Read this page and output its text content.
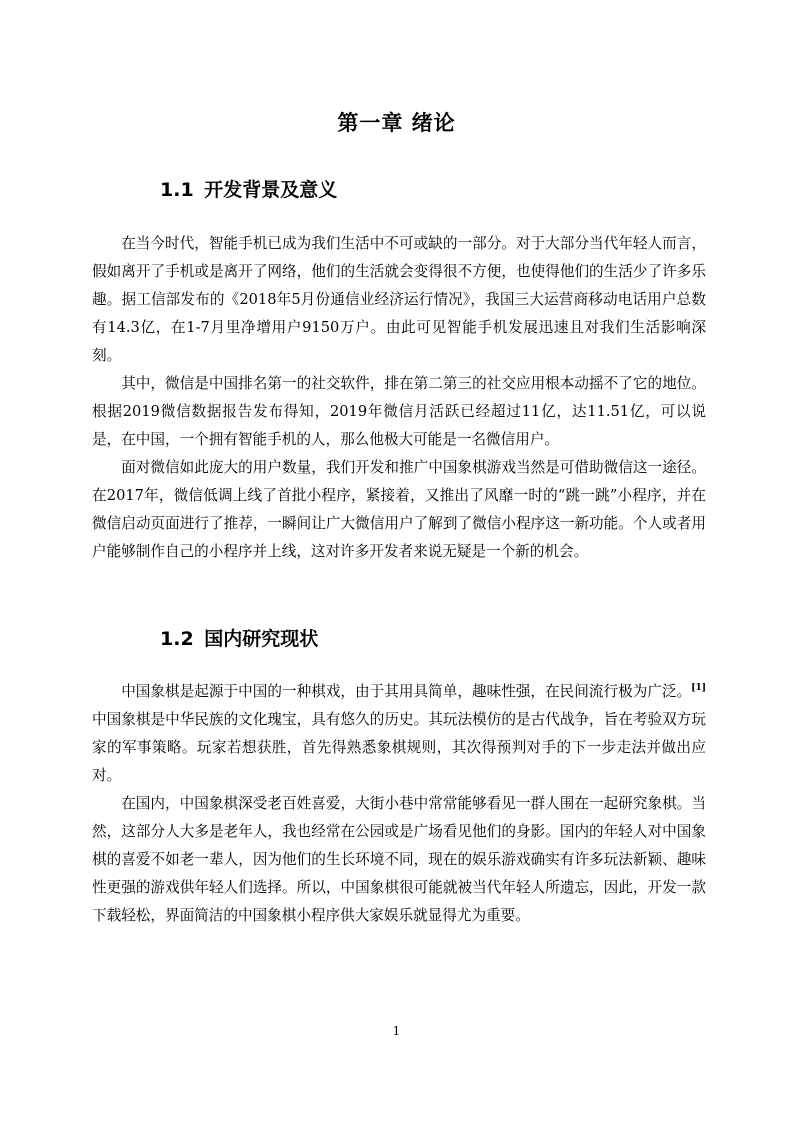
第一章 绪论
1.1 开发背景及意义

在当今时代，智能手机已成为我们生活中不可或缺的一部分。对于大部分当代年轻人而言，假如离开了手机或是离开了网络，他们的生活就会变得很不方便，也使得他们的生活少了许多乐趣。据工信部发布的《2018年5月份通信业经济运行情况》，我国三大运营商移动电话用户总数有14.3亿，在1-7月里净增用户9150万户。由此可见智能手机发展迅速且对我们生活影响深刻。

其中，微信是中国排名第一的社交软件，排在第二第三的社交应用根本动摇不了它的地位。根据2019微信数据报告发布得知，2019年微信月活跃已经超过11亿，达11.51亿，可以说是，在中国，一个拥有智能手机的人，那么他极大可能是一名微信用户。

面对微信如此庞大的用户数量，我们开发和推广中国象棋游戏当然是可借助微信这一途径。在2017年，微信低调上线了首批小程序，紧接着，又推出了风靡一时的“跳一跳”小程序，并在微信启动页面进行了推荐，一瞬间让广大微信用户了解到了微信小程序这一新功能。个人或者用户能够制作自己的小程序并上线，这对许多开发者来说无疑是一个新的机会。

1.2 国内研究现状

中国象棋是起源于中国的一种棋戏，由于其用具简单，趣味性强，在民间流行极为广泛。[1]中国象棋是中华民族的文化瑰宝，具有悠久的历史。其玩法模仿的是古代战争，旨在考验双方玩家的军事策略。玩家若想获胜，首先得熟悉象棋规则，其次得预判对手的下一步走法并做出应对。

在国内，中国象棋深受老百姓喜爱，大街小巷中常常能够看见一群人围在一起研究象棋。当然，这部分人大多是老年人，我也经常在公园或是广场看见他们的身影。国内的年轻人对中国象棋的喜爱不如老一辈人，因为他们的生长环境不同，现在的娱乐游戏确实有许多玩法新颖、趣味性更强的游戏供年轻人们选择。所以，中国象棋很可能就被当代年轻人所遗忘，因此，开发一款下载轻松，界面简洁的中国象棋小程序供大家娱乐就显得尤为重要。

1
